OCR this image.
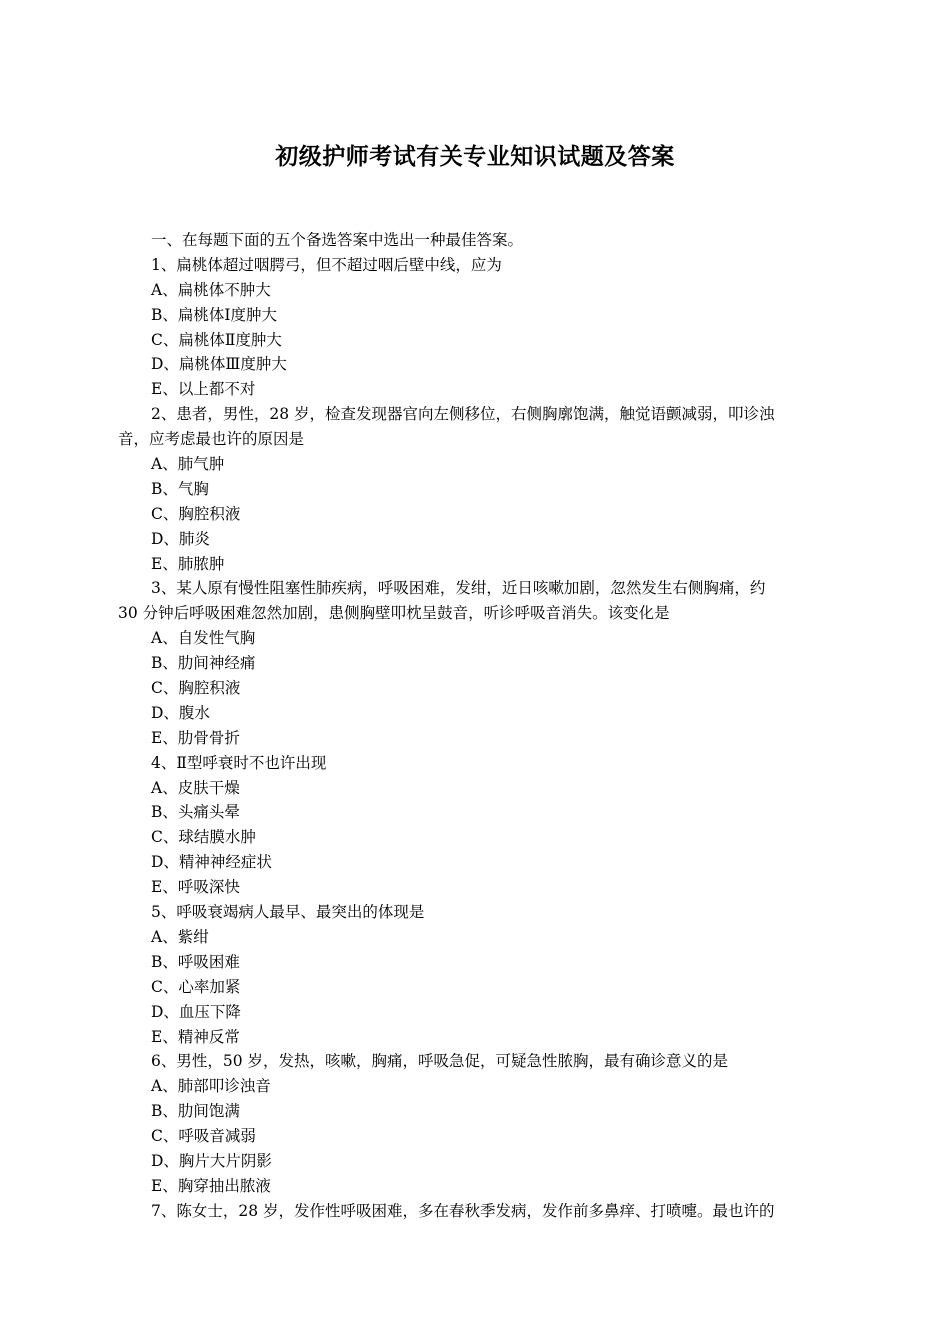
初级护师考试有关专业知识试题及答案
一、在每题下面的五个备选答案中选出一种最佳答案。
1、扁桃体超过咽腭弓，但不超过咽后壁中线，应为
A、扁桃体不肿大
B、扁桃体Ⅰ度肿大
C、扁桃体Ⅱ度肿大
D、扁桃体Ⅲ度肿大
E、以上都不对
2、患者，男性，28 岁，检查发现器官向左侧移位，右侧胸廓饱满，触觉语颤减弱，叩诊浊
音，应考虑最也许的原因是
A、肺气肿
B、气胸
C、胸腔积液
D、肺炎
E、肺脓肿
3、某人原有慢性阻塞性肺疾病，呼吸困难，发绀，近日咳嗽加剧，忽然发生右侧胸痛，约
30 分钟后呼吸困难忽然加剧，患侧胸壁叩枕呈鼓音，听诊呼吸音消失。该变化是
A、自发性气胸
B、肋间神经痛
C、胸腔积液
D、腹水
E、肋骨骨折
4、Ⅱ型呼衰时不也许出现
A、皮肤干燥
B、头痛头晕
C、球结膜水肿
D、精神神经症状
E、呼吸深快
5、呼吸衰竭病人最早、最突出的体现是
A、紫绀
B、呼吸困难
C、心率加紧
D、血压下降
E、精神反常
6、男性，50 岁，发热，咳嗽，胸痛，呼吸急促，可疑急性脓胸，最有确诊意义的是
A、肺部叩诊浊音
B、肋间饱满
C、呼吸音减弱
D、胸片大片阴影
E、胸穿抽出脓液
7、陈女士，28 岁，发作性呼吸困难，多在春秋季发病，发作前多鼻痒、打喷嚏。最也许的
